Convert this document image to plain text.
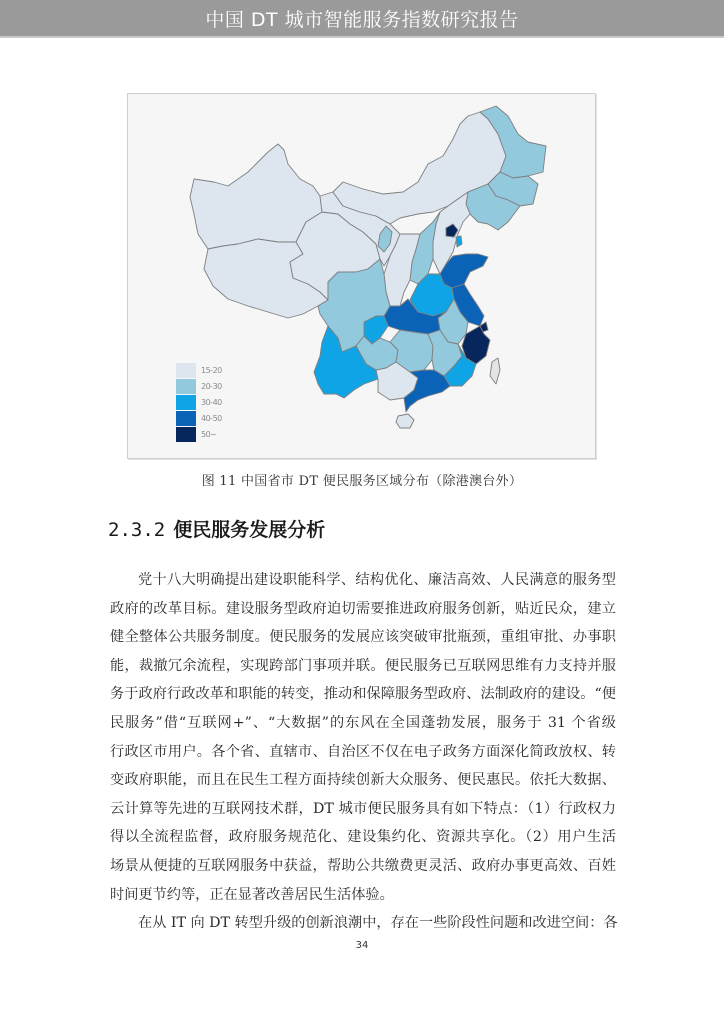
中国 DT 城市智能服务指数研究报告
15-20
20-30
30-40
40-50
50~
图 11 中国省市 DT 便民服务区域分布（除港澳台外）
2.3.2 便民服务发展分析
党十八大明确提出建设职能科学、结构优化、廉洁高效、人民满意的服务型
政府的改革目标。建设服务型政府迫切需要推进政府服务创新，贴近民众，建立
健全整体公共服务制度。便民服务的发展应该突破审批瓶颈，重组审批、办事职
能，裁撤冗余流程，实现跨部门事项并联。便民服务已互联网思维有力支持并服
务于政府行政改革和职能的转变，推动和保障服务型政府、法制政府的建设。“便
民服务”借“互联网+”、“大数据”的东风在全国蓬勃发展，服务于 31 个省级
行政区市用户。各个省、直辖市、自治区不仅在电子政务方面深化简政放权、转
变政府职能，而且在民生工程方面持续创新大众服务、便民惠民。依托大数据、
云计算等先进的互联网技术群，DT 城市便民服务具有如下特点：（1）行政权力
得以全流程监督，政府服务规范化、建设集约化、资源共享化。（2）用户生活
场景从便捷的互联网服务中获益，帮助公共缴费更灵活、政府办事更高效、百姓
时间更节约等，正在显著改善居民生活体验。
在从 IT 向 DT 转型升级的创新浪潮中，存在一些阶段性问题和改进空间：各
34
